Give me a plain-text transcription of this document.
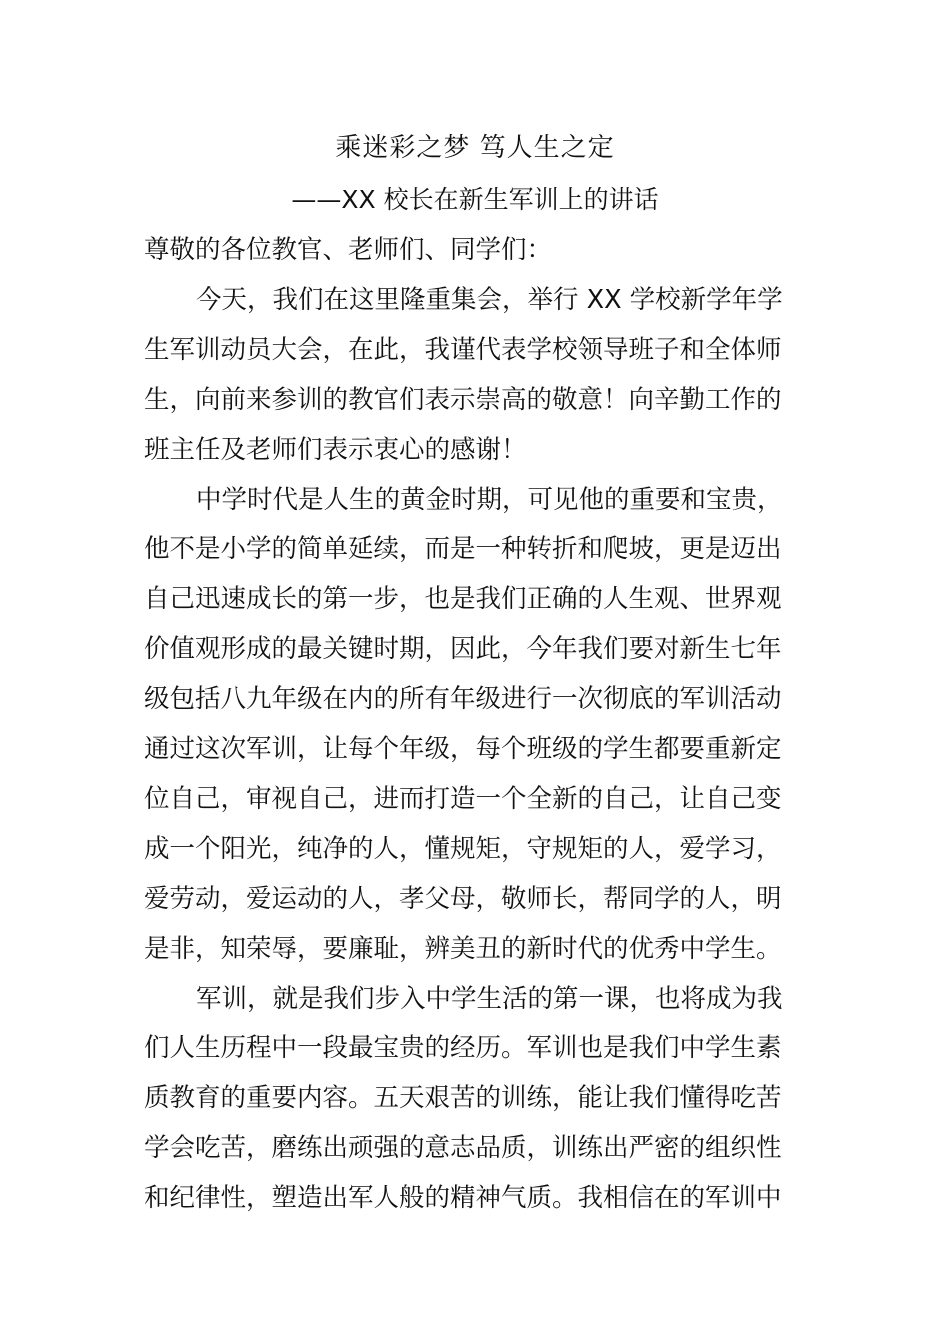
乘迷彩之梦 笃人生之定
——XX 校长在新生军训上的讲话
尊敬的各位教官、老师们、同学们：
今天，我们在这里隆重集会，举行 XX 学校新学年学
生军训动员大会，在此，我谨代表学校领导班子和全体师
生，向前来参训的教官们表示崇高的敬意！向辛勤工作的
班主任及老师们表示衷心的感谢！
中学时代是人生的黄金时期，可见他的重要和宝贵，
他不是小学的简单延续，而是一种转折和爬坡，更是迈出
自己迅速成长的第一步，也是我们正确的人生观、世界观
价值观形成的最关键时期，因此，今年我们要对新生七年
级包括八九年级在内的所有年级进行一次彻底的军训活动
通过这次军训，让每个年级，每个班级的学生都要重新定
位自己，审视自己，进而打造一个全新的自己，让自己变
成一个阳光，纯净的人，懂规矩，守规矩的人，爱学习，
爱劳动，爱运动的人，孝父母，敬师长，帮同学的人，明
是非，知荣辱，要廉耻，辨美丑的新时代的优秀中学生。
军训，就是我们步入中学生活的第一课，也将成为我
们人生历程中一段最宝贵的经历。军训也是我们中学生素
质教育的重要内容。五天艰苦的训练，能让我们懂得吃苦
学会吃苦，磨练出顽强的意志品质，训练出严密的组织性
和纪律性，塑造出军人般的精神气质。我相信在的军训中
